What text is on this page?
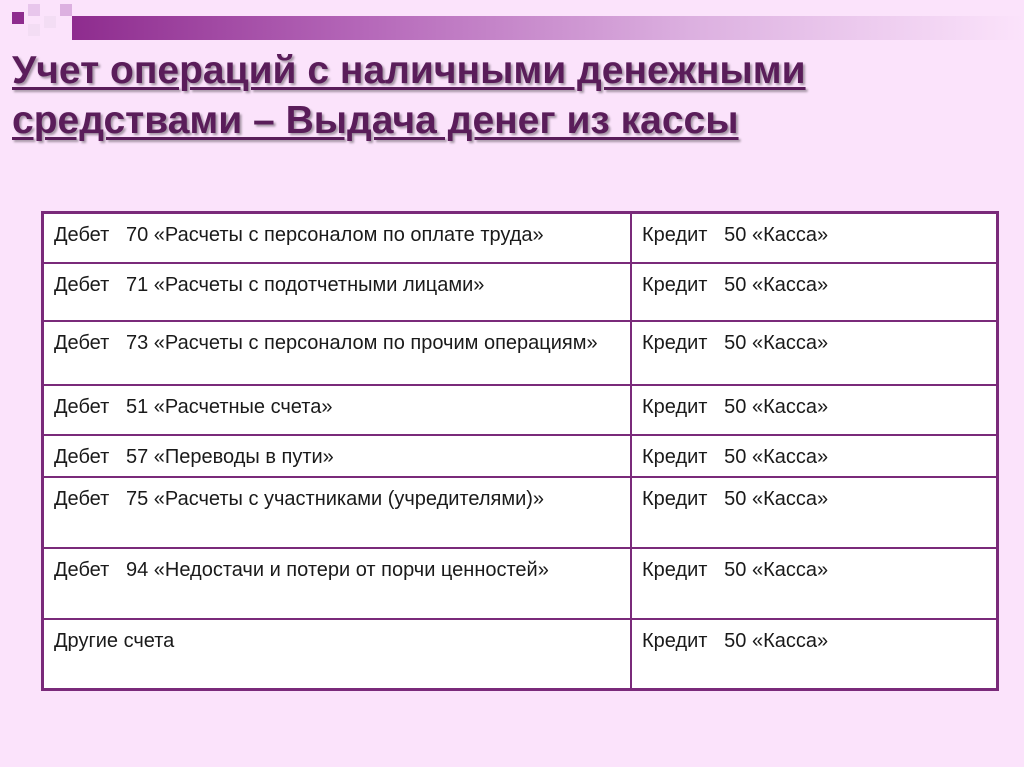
Учет операций с наличными денежными
средствами – Выдача денег из кассы
Дебет 70 «Расчеты с персоналом по оплате труда»	Кредит 50 «Касса»
Дебет 71 «Расчеты с подотчетными лицами»	Кредит 50 «Касса»
Дебет 73 «Расчеты с персоналом по прочим операциям»	Кредит 50 «Касса»
Дебет 51 «Расчетные счета»	Кредит 50 «Касса»
Дебет 57 «Переводы в пути»	Кредит 50 «Касса»
Дебет 75 «Расчеты с участниками (учредителями)»	Кредит 50 «Касса»
Дебет 94 «Недостачи и потери от порчи ценностей»	Кредит 50 «Касса»
Другие счета	Кредит 50 «Касса»
